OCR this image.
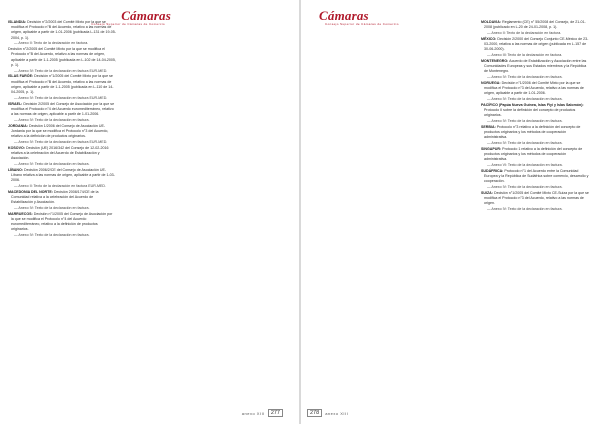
Cámaras
Consejo Superior de Cámaras de Comercio
ISLANDIA: Decisión n°2/2003 del Comité Mixto por la que se modifica el Protocolo n°B del Acuerdo, relativo a las normas de origen, aplicable a partir de 1-01-2006 (publicada L-131 de 19-05-2004, p. 1).
— Anexo II: Texto de la declaración en factura.
Decisión n°2/2005 del Comité Mixto por la que se modifica el Protocolo n°B del Acuerdo, relativo a las normas de origen, aplicable a partir de 1-1-2005 (publicada en L-102 de 14-04-2005, p. 1).
— Anexo IV: Texto de la declaración en factura EUR-MED.
ISLAS FARÓE: Decisión n°1/2005 del Comité Mixto por la que se modifica el Protocolo n°B del Acuerdo, relativo a las normas de origen, aplicable a partir de 1-1-2005 (publicada en L-110 de 14-04-2005, p. 1).
— Anexo IV: Texto de la declaración en factura EUR-MED.
ISRAEL: Decisión 2/2005 del Consejo de Asociación por la que se modifica el Protocolo n°4 del Acuerdo euromediterráneo, relativo a las normas de origen, aplicable a partir de 1-01-2006.
— Anexo IV: Texto de la declaración en factura.
JORDANIA: Decisión 1/2006 del Consejo de Asociación UE-Jordania por la que se modifica el Protocolo n°3 del Acuerdo, relativo a la definición de productos originarios.
— Anexo IV: Texto de la declaración en factura EUR-MED.
KOSOVO: Decisión (UE) 2016/342 del Consejo de 12-02-2016 relativa a la celebración del Acuerdo de Estabilización y Asociación.
— Anexo IV: Texto de la declaración en factura.
LÍBANO: Decisión 2006/2/CE del Consejo de Asociación UE-Líbano relativa a las normas de origen, aplicable a partir de 1-03-2006.
— Anexo II: Texto de la declaración en factura EUR-MED.
MACEDONIA DEL NORTE: Decisión 2008/174/CE de la Comunidad relativa a la celebración del Acuerdo de Estabilización y Asociación.
— Anexo IV: Texto de la declaración en factura.
MARRUECOS: Decisión n°1/2005 del Consejo de Asociación por la que se modifica el Protocolo n°4 del Acuerdo euromediterráneo, relativo a la definición de productos originarios.
— Anexo IV: Texto de la declaración en factura.
anexo XIII	277
Cámaras
Consejo Superior de Cámaras de Comercio	MOLDAVIA: Reglamento (CE) n° 55/2008 del Consejo, de 21-01-2008 (publicado en L-20 de 24-01-2008, p. 1).
— Anexo II: Texto de la declaración en factura.
MÉXICO: Decisión 2/2000 del Consejo Conjunto CE-México de 23-03-2000, relativa a las normas de origen (publicada en L-157 de 30-06-2000).
— Anexo III: Texto de la declaración en factura.
MONTENEGRO: Acuerdo de Estabilización y Asociación entre las Comunidades Europeas y sus Estados miembros y la República de Montenegro.
— Anexo IV: Texto de la declaración en factura.
NORUEGA: Decisión n°1/2006 del Comité Mixto por la que se modifica el Protocolo n°3 del Acuerdo, relativo a las normas de origen, aplicable a partir de 1-01-2006.
— Anexo IV: Texto de la declaración en factura.
PACÍFICO (Papúa Nueva Guinea, Islas Fiyi y Islas Salomón): Protocolo II sobre la definición del concepto de productos originarios.
— Anexo IV: Texto de la declaración en factura.
SERBIA: Protocolo n°3 relativo a la definición del concepto de productos originarios y los métodos de cooperación administrativa.
— Anexo IV: Texto de la declaración en factura.
SINGAPUR: Protocolo 1 relativo a la definición del concepto de productos originarios y los métodos de cooperación administrativa.
— Anexo VI: Texto de la declaración en factura.
SUDÁFRICA: Protocolo n°1 del Acuerdo entre la Comunidad Europea y la República de Sudáfrica sobre comercio, desarrollo y cooperación.
— Anexo IV: Texto de la declaración en factura.
SUIZA: Decisión n°1/2005 del Comité Mixto CE-Suiza por la que se modifica el Protocolo n°3 del Acuerdo, relativo a las normas de origen.
— Anexo IV: Texto de la declaración en factura.
278	anexo XIII
